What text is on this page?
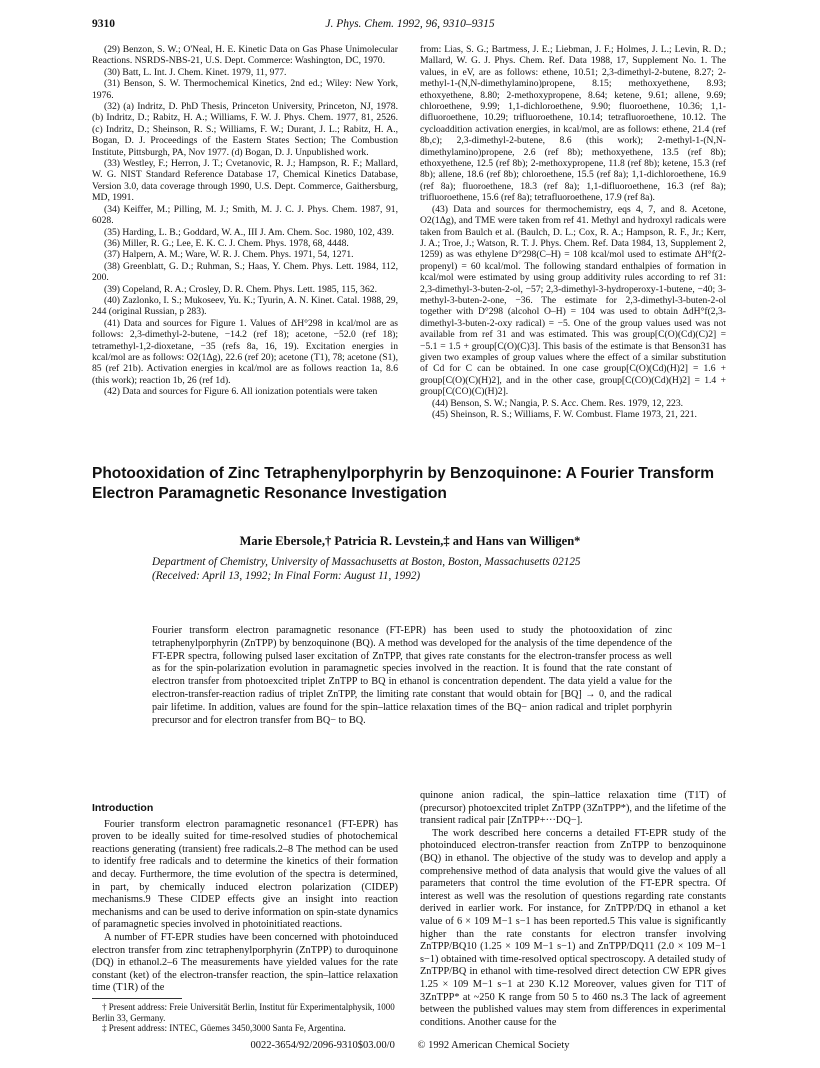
9310	J. Phys. Chem. 1992, 96, 9310–9315

(29) Benzon, S. W.; O'Neal, H. E. Kinetic Data on Gas Phase Unimolecular Reactions. NSRDS-NBS-21, U.S. Dept. Commerce: Washington, DC, 1970.

(30) Batt, L. Int. J. Chem. Kinet. 1979, 11, 977.

(31) Benson, S. W. Thermochemical Kinetics, 2nd ed.; Wiley: New York, 1976.

(32) (a) Indritz, D. PhD Thesis, Princeton University, Princeton, NJ, 1978. (b) Indritz, D.; Rabitz, H. A.; Williams, F. W. J. Phys. Chem. 1977, 81, 2526. (c) Indritz, D.; Sheinson, R. S.; Williams, F. W.; Durant, J. L.; Rabitz, H. A., Bogan, D. J. Proceedings of the Eastern States Section; The Combustion Institute, Pittsburgh, PA, Nov 1977. (d) Bogan, D. J. Unpublished work.

(33) Westley, F.; Herron, J. T.; Cvetanovic, R. J.; Hampson, R. F.; Mallard, W. G. NIST Standard Reference Database 17, Chemical Kinetics Database, Version 3.0, data coverage through 1990, U.S. Dept. Commerce, Gaithersburg, MD, 1991.

(34) Keiffer, M.; Pilling, M. J.; Smith, M. J. C. J. Phys. Chem. 1987, 91, 6028.

(35) Harding, L. B.; Goddard, W. A., III J. Am. Chem. Soc. 1980, 102, 439.

(36) Miller, R. G.; Lee, E. K. C. J. Chem. Phys. 1978, 68, 4448.

(37) Halpern, A. M.; Ware, W. R. J. Chem. Phys. 1971, 54, 1271.

(38) Greenblatt, G. D.; Ruhman, S.; Haas, Y. Chem. Phys. Lett. 1984, 112, 200.

(39) Copeland, R. A.; Crosley, D. R. Chem. Phys. Lett. 1985, 115, 362.

(40) Zazlonko, I. S.; Mukoseev, Yu. K.; Tyurin, A. N. Kinet. Catal. 1988, 29, 244 (original Russian, p 283).

(41) Data and sources for Figure 1. Values of ΔH°298 in kcal/mol are as follows: 2,3-dimethyl-2-butene, −14.2 (ref 18); acetone, −52.0 (ref 18); tetramethyl-1,2-dioxetane, −35 (refs 8a, 16, 19). Excitation energies in kcal/mol are as follows: O2(1Δg), 22.6 (ref 20); acetone (T1), 78; acetone (S1), 85 (ref 21b). Activation energies in kcal/mol are as follows reaction 1a, 8.6 (this work); reaction 1b, 26 (ref 1d).

(42) Data and sources for Figure 6. All ionization potentials were taken

from: Lias, S. G.; Bartmess, J. E.; Liebman, J. F.; Holmes, J. L.; Levin, R. D.; Mallard, W. G. J. Phys. Chem. Ref. Data 1988, 17, Supplement No. 1. The values, in eV, are as follows: ethene, 10.51; 2,3-dimethyl-2-butene, 8.27; 2-methyl-1-(N,N-dimethylamino)propene, 8.15; methoxyethene, 8.93; ethoxyethene, 8.80; 2-methoxypropene, 8.64; ketene, 9.61; allene, 9.69; chloroethene, 9.99; 1,1-dichloroethene, 9.90; fluoroethene, 10.36; 1,1-difluoroethene, 10.29; trifluoroethene, 10.14; tetrafluoroethene, 10.12. The cycloaddition activation energies, in kcal/mol, are as follows: ethene, 21.4 (ref 8b,c); 2,3-dimethyl-2-butene, 8.6 (this work); 2-methyl-1-(N,N-dimethylamino)propene, 2.6 (ref 8b); methoxyethene, 13.5 (ref 8b); ethoxyethene, 12.5 (ref 8b); 2-methoxypropene, 11.8 (ref 8b); ketene, 15.3 (ref 8b); allene, 18.6 (ref 8b); chloroethene, 15.5 (ref 8a); 1,1-dichloroethene, 16.9 (ref 8a); fluoroethene, 18.3 (ref 8a); 1,1-difluoroethene, 16.3 (ref 8a); trifluoroethene, 15.6 (ref 8a); tetrafluoroethene, 17.9 (ref 8a).

(43) Data and sources for thermochemistry, eqs 4, 7, and 8. Acetone, O2(1Δg), and TME were taken from ref 41. Methyl and hydroxyl radicals were taken from Baulch et al. (Baulch, D. L.; Cox, R. A.; Hampson, R. F., Jr.; Kerr, J. A.; Troe, J.; Watson, R. T. J. Phys. Chem. Ref. Data 1984, 13, Supplement 2, 1259) as was ethylene D°298(C–H) = 108 kcal/mol used to estimate ΔH°f(2-propenyl) = 60 kcal/mol. The following standard enthalpies of formation in kcal/mol were estimated by using group additivity rules according to ref 31: 2,3-dimethyl-3-buten-2-ol, −57; 2,3-dimethyl-3-hydroperoxy-1-butene, −40; 3-methyl-3-buten-2-one, −36. The estimate for 2,3-dimethyl-3-buten-2-ol together with D°298 (alcohol O–H) = 104 was used to obtain ΔdH°f(2,3-dimethyl-3-buten-2-oxy radical) = −5. One of the group values used was not available from ref 31 and was estimated. This was group[C(O)(Cd)(C)2] = −5.1 = 1.5 + group[C(O)(C)3]. This basis of the estimate is that Benson31 has given two examples of group values where the effect of a similar substitution of Cd for C can be obtained. In one case group[C(O)(Cd)(H)2] = 1.6 + group[C(O)(C)(H)2], and in the other case, group[C(CO)(Cd)(H)2] = 1.4 + group[C(CO)(C)(H)2].

(44) Benson, S. W.; Nangia, P. S. Acc. Chem. Res. 1979, 12, 223.

(45) Sheinson, R. S.; Williams, F. W. Combust. Flame 1973, 21, 221.

Photooxidation of Zinc Tetraphenylporphyrin by Benzoquinone: A Fourier Transform Electron Paramagnetic Resonance Investigation
Marie Ebersole,† Patricia R. Levstein,‡ and Hans van Willigen*
Department of Chemistry, University of Massachusetts at Boston, Boston, Massachusetts 02125
(Received: April 13, 1992; In Final Form: August 11, 1992)
Fourier transform electron paramagnetic resonance (FT-EPR) has been used to study the photooxidation of zinc tetraphenylporphyrin (ZnTPP) by benzoquinone (BQ). A method was developed for the analysis of the time dependence of the FT-EPR spectra, following pulsed laser excitation of ZnTPP, that gives rate constants for the electron-transfer process as well as for the spin-polarization evolution in paramagnetic species involved in the reaction. It is found that the rate constant of electron transfer from photoexcited triplet ZnTPP to BQ in ethanol is concentration dependent. The data yield a value for the electron-transfer-reaction radius of triplet ZnTPP, the limiting rate constant that would obtain for [BQ] → 0, and the radical pair lifetime. In addition, values are found for the spin–lattice relaxation times of the BQ− anion radical and triplet porphyrin precursor and for electron transfer from BQ− to BQ.
Introduction

Fourier transform electron paramagnetic resonance1 (FT-EPR) has proven to be ideally suited for time-resolved studies of photochemical reactions generating (transient) free radicals.2–8 The method can be used to identify free radicals and to determine the kinetics of their formation and decay. Furthermore, the time evolution of the spectra is determined, in part, by chemically induced electron polarization (CIDEP) mechanisms.9 These CIDEP effects give an insight into reaction mechanisms and can be used to derive information on spin-state dynamics of paramagnetic species involved in photoinitiated reactions.

A number of FT-EPR studies have been concerned with photoinduced electron transfer from zinc tetraphenylporphyrin (ZnTPP) to duroquinone (DQ) in ethanol.2–6 The measurements have yielded values for the rate constant (ket) of the electron-transfer reaction, the spin–lattice relaxation time (T1R) of the

quinone anion radical, the spin–lattice relaxation time (T1T) of (precursor) photoexcited triplet ZnTPP (3ZnTPP*), and the lifetime of the transient radical pair [ZnTPP+···DQ−].

The work described here concerns a detailed FT-EPR study of the photoinduced electron-transfer reaction from ZnTPP to benzoquinone (BQ) in ethanol. The objective of the study was to develop and apply a comprehensive method of data analysis that would give the values of all parameters that control the time evolution of the FT-EPR spectra. Of interest as well was the resolution of questions regarding rate constants derived in earlier work. For instance, for ZnTPP/DQ in ethanol a ket value of 6 × 109 M−1 s−1 has been reported.5 This value is significantly higher than the rate constants for electron transfer involving ZnTPP/BQ10 (1.25 × 109 M−1 s−1) and ZnTPP/DQ11 (2.0 × 109 M−1 s−1) obtained with time-resolved optical spectroscopy. A detailed study of ZnTPP/BQ in ethanol with time-resolved direct detection CW EPR gives 1.25 × 109 M−1 s−1 at 230 K.12 Moreover, values given for T1T of 3ZnTPP* at ~250 K range from 50 5 to 460 ns.3 The lack of agreement between the published values may stem from differences in experimental conditions. Another cause for the

† Present address: Freie Universität Berlin, Institut für Experimentalphysik, 1000 Berlin 33, Germany.

‡ Present address: INTEC, Güemes 3450,3000 Santa Fe, Argentina.

0022-3654/92/2096-9310$03.00/0 © 1992 American Chemical Society
